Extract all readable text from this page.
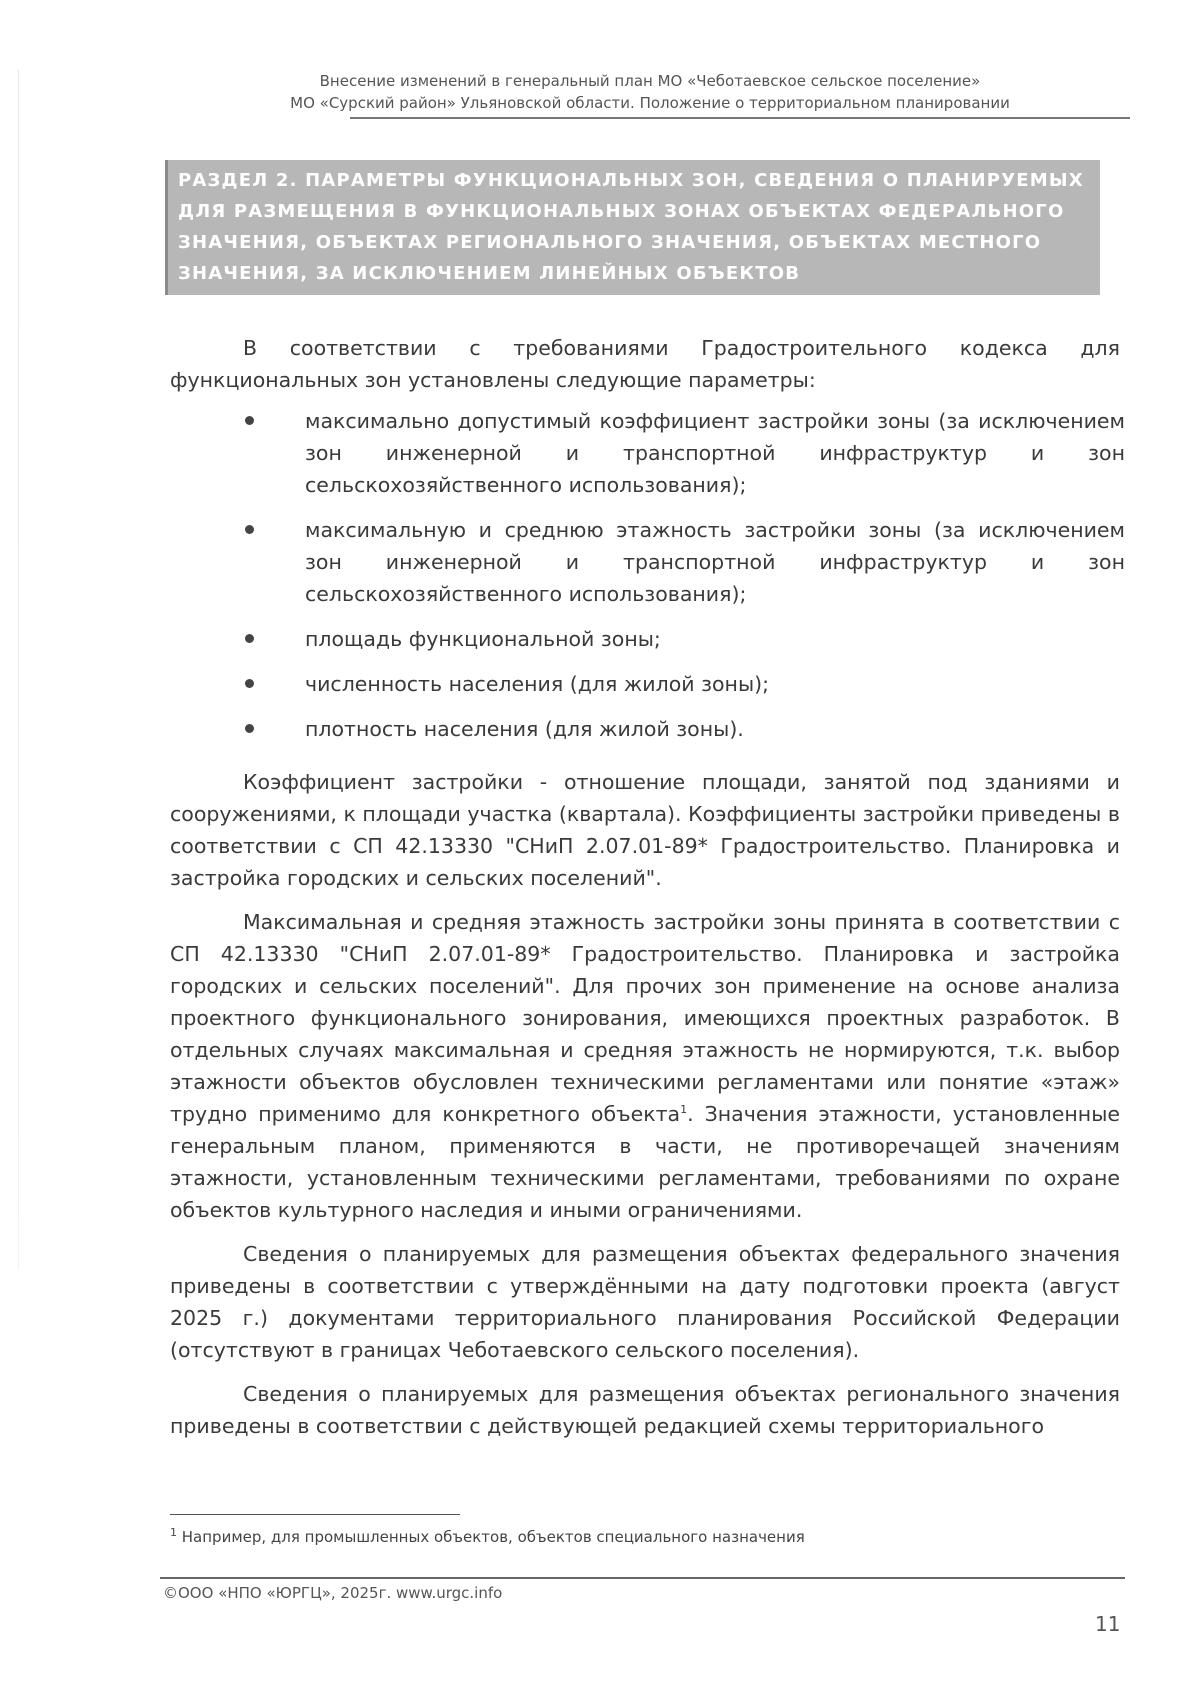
Внесение изменений в генеральный план МО «Чеботаевское сельское поселение»
МО «Сурский район» Ульяновской области. Положение о территориальном планировании
РАЗДЕЛ 2. ПАРАМЕТРЫ ФУНКЦИОНАЛЬНЫХ ЗОН, СВЕДЕНИЯ О ПЛАНИРУЕМЫХ ДЛЯ РАЗМЕЩЕНИЯ В ФУНКЦИОНАЛЬНЫХ ЗОНАХ ОБЪЕКТАХ ФЕДЕРАЛЬНОГО ЗНАЧЕНИЯ, ОБЪЕКТАХ РЕГИОНАЛЬНОГО ЗНАЧЕНИЯ, ОБЪЕКТАХ МЕСТНОГО ЗНАЧЕНИЯ, ЗА ИСКЛЮЧЕНИЕМ ЛИНЕЙНЫХ ОБЪЕКТОВ

В соответствии с требованиями Градостроительного кодекса для функциональных зон установлены следующие параметры:

максимально допустимый коэффициент застройки зоны (за исключением зон инженерной и транспортной инфраструктур и зон сельскохозяйственного использования);
максимальную и среднюю этажность застройки зоны (за исключением зон инженерной и транспортной инфраструктур и зон сельскохозяйственного использования);
площадь функциональной зоны;
численность населения (для жилой зоны);
плотность населения (для жилой зоны).

Коэффициент застройки - отношение площади, занятой под зданиями и сооружениями, к площади участка (квартала). Коэффициенты застройки приведены в соответствии с СП 42.13330 "СНиП 2.07.01-89* Градостроительство. Планировка и застройка городских и сельских поселений".

Максимальная и средняя этажность застройки зоны принята в соответствии с СП 42.13330 "СНиП 2.07.01-89* Градостроительство. Планировка и застройка городских и сельских поселений". Для прочих зон применение на основе анализа проектного функционального зонирования, имеющихся проектных разработок. В отдельных случаях максимальная и средняя этажность не нормируются, т.к. выбор этажности объектов обусловлен техническими регламентами или понятие «этаж» трудно применимо для конкретного объекта$^1$. Значения этажности, установленные генеральным планом, применяются в части, не противоречащей значениям этажности, установленным техническими регламентами, требованиями по охране объектов культурного наследия и иными ограничениями.

Сведения о планируемых для размещения объектах федерального значения приведены в соответствии с утверждёнными на дату подготовки проекта (август 2025 г.) документами территориального планирования Российской Федерации (отсутствуют в границах Чеботаевского сельского поселения).

Сведения о планируемых для размещения объектах регионального значения приведены в соответствии с действующей редакцией схемы территориального

$^1$ Например, для промышленных объектов, объектов специального назначения
©ООО «НПО «ЮРГЦ», 2025г. www.urgc.info
11
